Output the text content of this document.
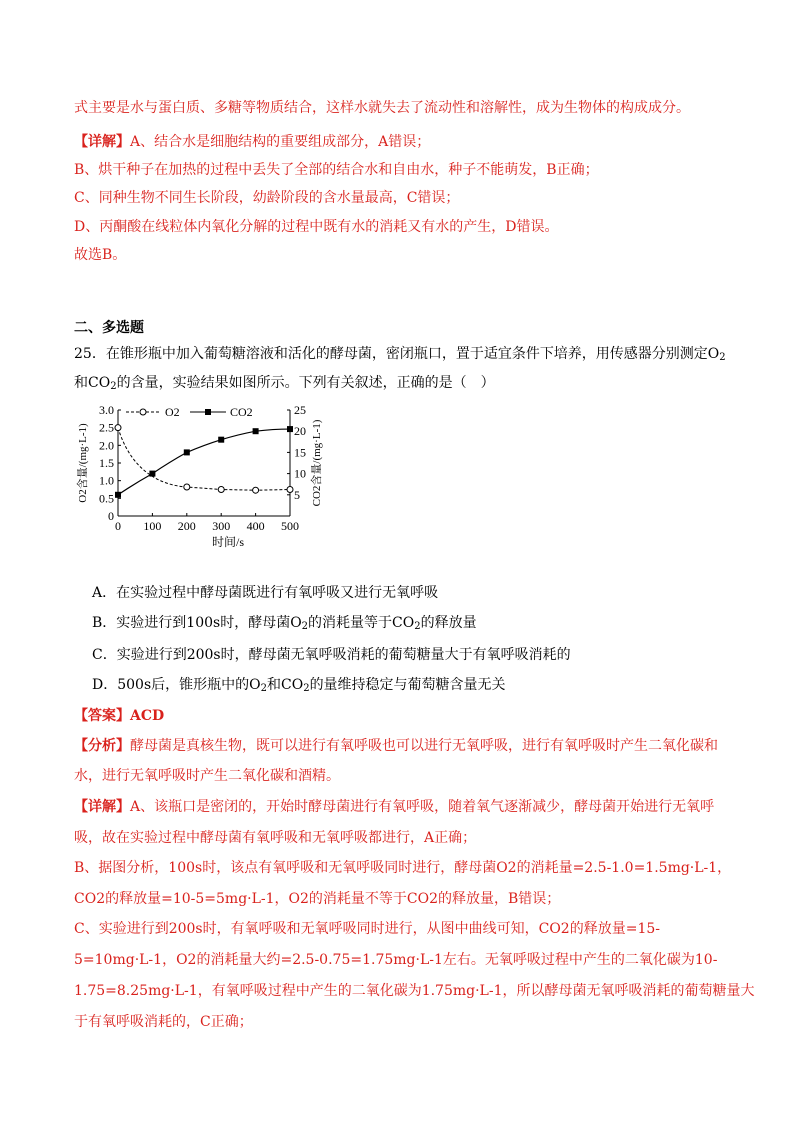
式主要是水与蛋白质、多糖等物质结合，这样水就失去了流动性和溶解性，成为生物体的构成成分。
【详解】A、结合水是细胞结构的重要组成部分，A错误；
B、烘干种子在加热的过程中丢失了全部的结合水和自由水，种子不能萌发，B正确；
C、同种生物不同生长阶段，幼龄阶段的含水量最高，C错误；
D、丙酮酸在线粒体内氧化分解的过程中既有水的消耗又有水的产生，D错误。
故选B。
二、多选题
25．在锥形瓶中加入葡萄糖溶液和活化的酵母菌，密闭瓶口，置于适宜条件下培养，用传感器分别测定$O_2$
和$CO_2$的含量，实验结果如图所示。下列有关叙述，正确的是（　）
0 100 200 300 400 500
0
0.5
1.0
1.5
2.0
2.5
3.0
5
10
15
20
25
时间/s
O2含量/(mg·L-1)	CO2含量/(mg·L-1)
O2	CO2
A．在实验过程中酵母菌既进行有氧呼吸又进行无氧呼吸
B．实验进行到100s时，酵母菌$O_2$的消耗量等于$CO_2$的释放量
C．实验进行到200s时，酵母菌无氧呼吸消耗的葡萄糖量大于有氧呼吸消耗的
D．500s后，锥形瓶中的$O_2$和$CO_2$的量维持稳定与葡萄糖含量无关
【答案】ACD
【分析】酵母菌是真核生物，既可以进行有氧呼吸也可以进行无氧呼吸，进行有氧呼吸时产生二氧化碳和
水，进行无氧呼吸时产生二氧化碳和酒精。
【详解】A、该瓶口是密闭的，开始时酵母菌进行有氧呼吸，随着氧气逐渐减少，酵母菌开始进行无氧呼
吸，故在实验过程中酵母菌有氧呼吸和无氧呼吸都进行，A正确；
B、据图分析，100s时，该点有氧呼吸和无氧呼吸同时进行，酵母菌O2的消耗量=2.5-1.0=1.5mg·L-1，
CO2的释放量=10-5=5mg·L-1，O2的消耗量不等于CO2的释放量，B错误；
C、实验进行到200s时，有氧呼吸和无氧呼吸同时进行，从图中曲线可知，CO2的释放量=15-
5=10mg·L-1，O2的消耗量大约=2.5-0.75=1.75mg·L-1左右。无氧呼吸过程中产生的二氧化碳为10-
1.75=8.25mg·L-1，有氧呼吸过程中产生的二氧化碳为1.75mg·L-1，所以酵母菌无氧呼吸消耗的葡萄糖量大
于有氧呼吸消耗的，C正确；
